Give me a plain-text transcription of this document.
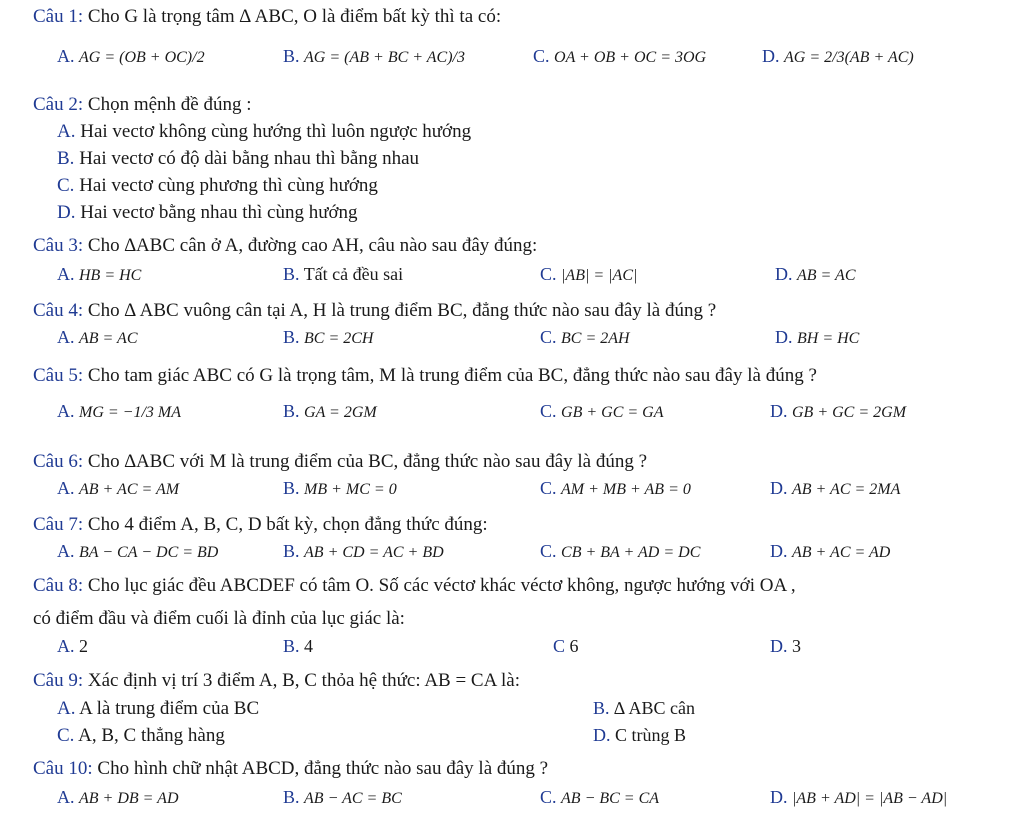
Câu 1: Cho G là trọng tâm ∆ ABC, O là điểm bất kỳ thì ta có:
A. AG = (OB + OC)/2	B. AG = (AB + BC + AC)/3	C. OA + OB + OC = 3OG	D. AG = 2/3(AB + AC)
Câu 2: Chọn mệnh đề đúng :
A. Hai vectơ không cùng hướng thì luôn ngược hướng
B. Hai vectơ có độ dài bằng nhau thì bằng nhau
C. Hai vectơ cùng phương thì cùng hướng
D. Hai vectơ bằng nhau thì cùng hướng
Câu 3: Cho ∆ABC cân ở A, đường cao AH, câu nào sau đây đúng:
A. HB = HC	B. Tất cả đều sai	C. |AB| = |AC|	D. AB = AC
Câu 4: Cho ∆ ABC vuông cân tại A, H là trung điểm BC, đẳng thức nào sau đây là đúng ?
A. AB = AC	B. BC = 2CH	C. BC = 2AH	D. BH = HC
Câu 5: Cho tam giác ABC có G là trọng tâm, M là trung điểm của BC, đẳng thức nào sau đây là đúng ?
A. MG = −1/3 MA	B. GA = 2GM	C. GB + GC = GA	D. GB + GC = 2GM
Câu 6: Cho ∆ABC với M là trung điểm của BC, đẳng thức nào sau đây là đúng ?
A. AB + AC = AM	B. MB + MC = 0	C. AM + MB + AB = 0	D. AB + AC = 2MA
Câu 7: Cho 4 điểm A, B, C, D bất kỳ, chọn đẳng thức đúng:
A. BA − CA − DC = BD	B. AB + CD = AC + BD	C. CB + BA + AD = DC	D. AB + AC = AD
Câu 8: Cho lục giác đều ABCDEF có tâm O. Số các véctơ khác véctơ không, ngược hướng với OA ,
có điểm đầu và điểm cuối là đỉnh của lục giác là:
A. 2	B. 4	C 6	D. 3
Câu 9: Xác định vị trí 3 điểm A, B, C thỏa hệ thức: AB = CA là:
A. A là trung điểm của BC	B. ∆ ABC cân
C. A, B, C thẳng hàng	D. C trùng B
Câu 10: Cho hình chữ nhật ABCD, đẳng thức nào sau đây là đúng ?
A. AB + DB = AD	B. AB − AC = BC	C. AB − BC = CA	D. |AB + AD| = |AB − AD|
